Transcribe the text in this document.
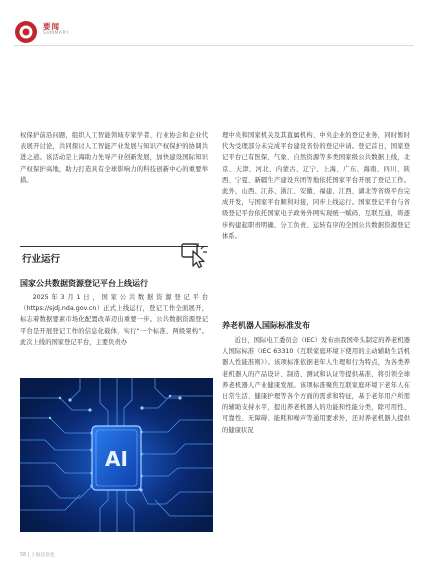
要闻
SUMMARY

权保护前沿问题，组织人工智能领域专家学者、行业协会和企业代表展开讨论，共同探讨人工智能产业发展与知识产权保护的协调共进之道。该活动是上海助力先导产业创新发展，加快建设国际知识产权保护高地，助力打造具有全球影响力的科技创新中心的重要举措。

行业运行
国家公共数据资源登记平台上线运行

2025年3月1日，国家公共数据资源登记平台（https://sjdj.nda.gov.cn）正式上线运行，登记工作全面展开，标志着数据要素市场化配置改革迈出重要一步。公共数据资源登记平台是开展登记工作的信息化载体，实行“一个标准、两级架构”。此次上线的国家登记平台，主要负责办

AI

理中央和国家机关及其直属机构、中央企业的登记业务，同时暂时代为受理部分未完成平台建设省份的登记申请。登记首日，国家登记平台已有医保、气象、自然资源等多类国家级公共数据上线，北京、天津、河北、内蒙古、辽宁、上海、广东、海南、四川、陕西、宁夏、新疆生产建设兵团等地依托国家平台开展了登记工作。此外，山西、江苏、浙江、安徽、福建、江西、湖北等省级平台完成开发，与国家平台顺利对接，同步上线运行。国家登记平台与省级登记平台依托国家电子政务外网实现统一赋码、互联互通，将逐步构建起职责明确、分工负责、运转有序的全国公共数据资源登记体系。

养老机器人国际标准发布

近日，国际电工委员会（IEC）发布由我国牵头制定的养老机器人国际标准（IEC 63310《互联家庭环境下使用的主动辅助生活机器人性能准则》）。该项标准依据老年人生理和行为特点，为各类养老机器人的产品设计、制造、测试和认证等提供基准，将引领全球养老机器人产业健康发展。该项标准聚焦互联家庭环境下老年人在日常生活、健康护理等各个方面的需求和特征，基于老年用户所需的辅助支持水平，提出养老机器人的功能和性能分类，除可用性、可靠性、无障碍、能耗和噪声等通用要求外，还对养老机器人提供的健康状况

58 | 上海信息化
